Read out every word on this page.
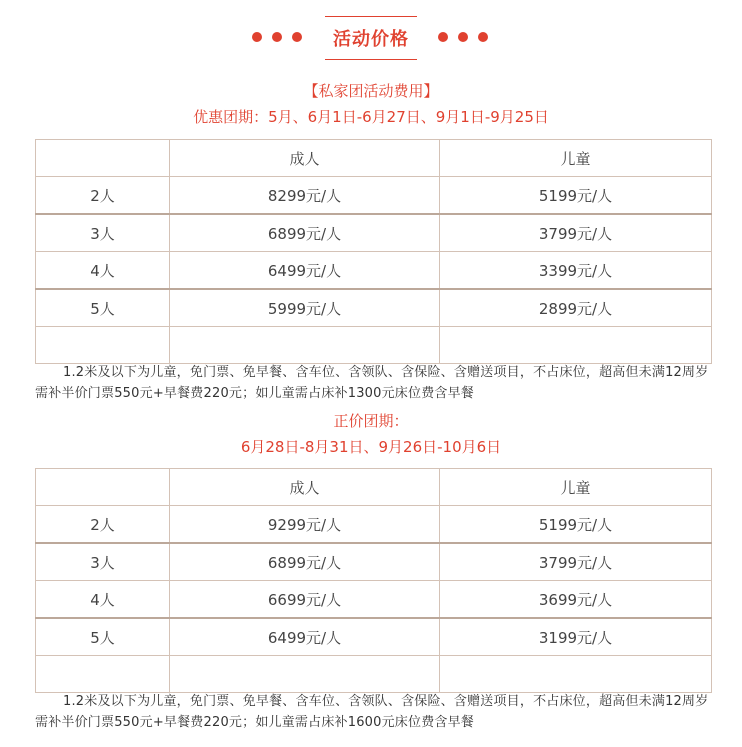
活动价格
【私家团活动费用】
优惠团期：5月、6月1日-6月27日、9月1日-9月25日
	成人	儿童
2人	8299元/人	5199元/人
3人	6899元/人	3799元/人
4人	6499元/人	3399元/人
5人	5999元/人	2899元/人

1.2米及以下为儿童，免门票、免早餐、含车位、含领队、含保险、含赠送项目，不占床位，超高但未满12周岁需补半价门票550元+早餐费220元；如儿童需占床补1300元床位费含早餐
正价团期：
6月28日-8月31日、9月26日-10月6日
	成人	儿童
2人	9299元/人	5199元/人
3人	6899元/人	3799元/人
4人	6699元/人	3699元/人
5人	6499元/人	3199元/人

1.2米及以下为儿童，免门票、免早餐、含车位、含领队、含保险、含赠送项目，不占床位，超高但未满12周岁需补半价门票550元+早餐费220元；如儿童需占床补1600元床位费含早餐
